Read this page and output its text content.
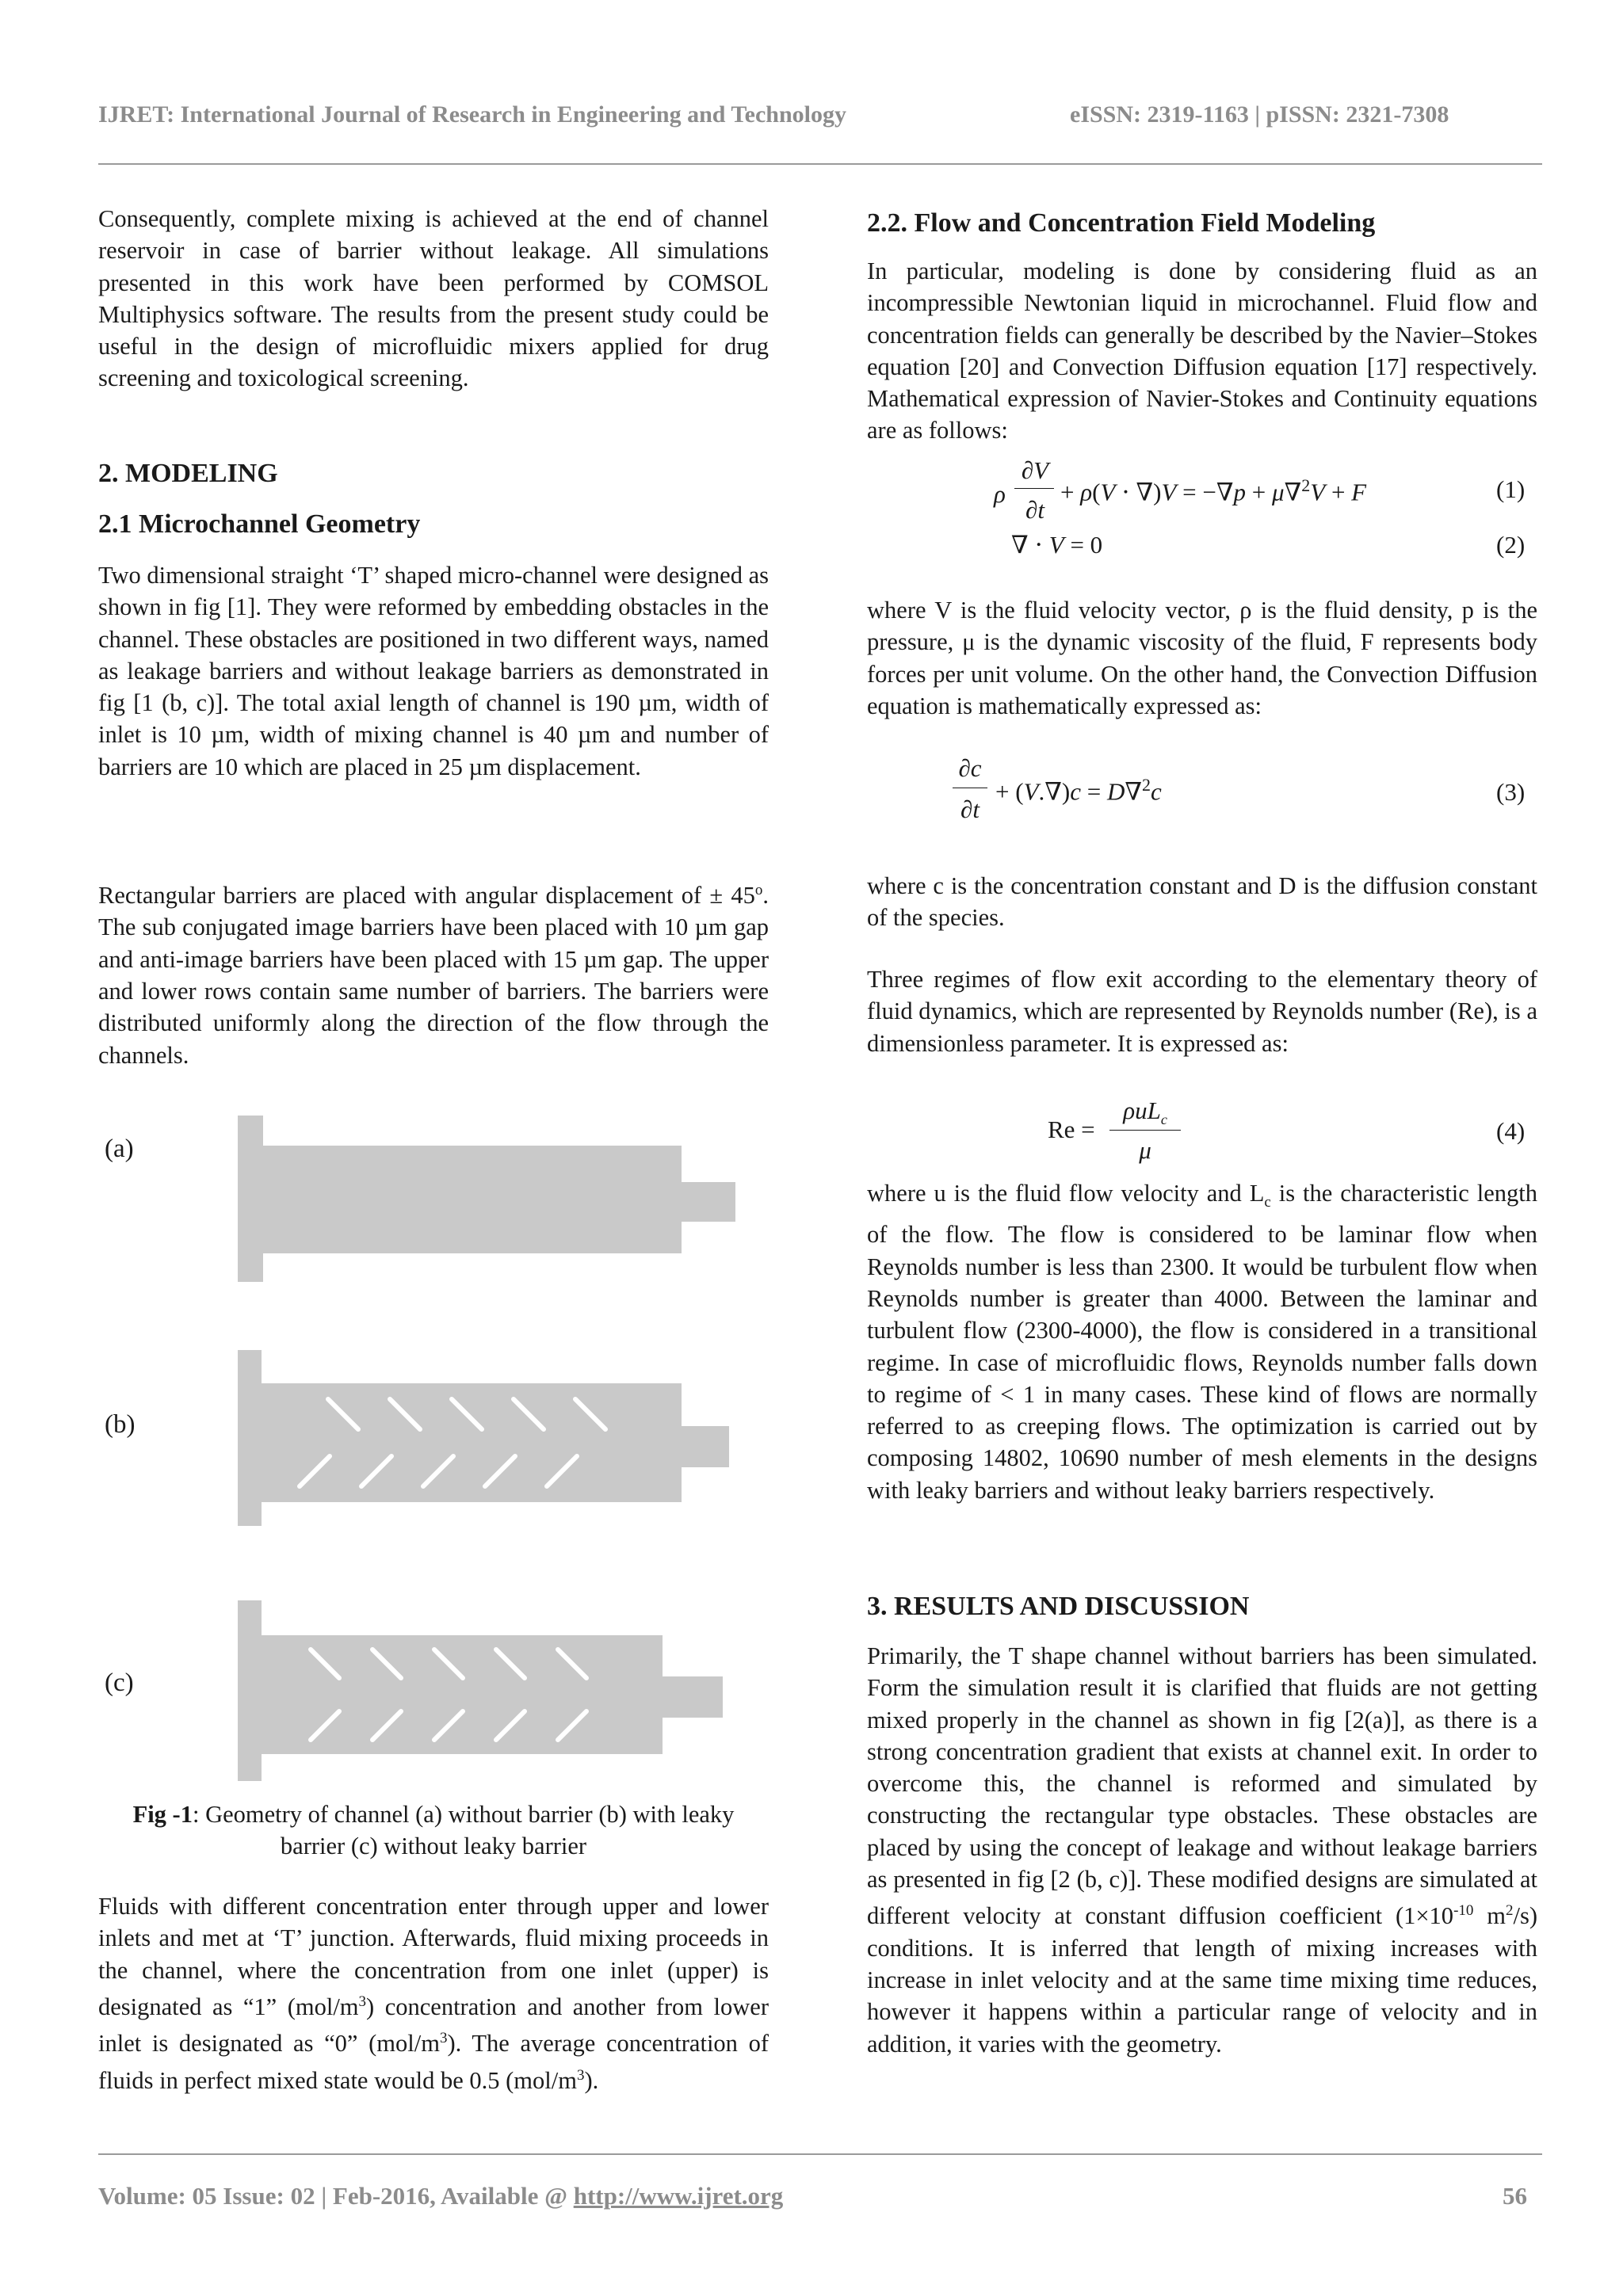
IJRET: International Journal of Research in Engineering and Technology	eISSN: 2319-1163 | pISSN: 2321-7308

Consequently, complete mixing is achieved at the end of channel reservoir in case of barrier without leakage. All simulations presented in this work have been performed by COMSOL Multiphysics software. The results from the present study could be useful in the design of microfluidic mixers applied for drug screening and toxicological screening.

2. MODELING
2.1 Microchannel Geometry

Two dimensional straight ‘T’ shaped micro-channel were designed as shown in fig [1]. They were reformed by embedding obstacles in the channel. These obstacles are positioned in two different ways, named as leakage barriers and without leakage barriers as demonstrated in fig [1 (b, c)]. The total axial length of channel is 190 µm, width of inlet is 10 µm, width of mixing channel is 40 µm and number of barriers are 10 which are placed in 25 µm displacement.

Rectangular barriers are placed with angular displacement of ± $45^o$. The sub conjugated image barriers have been placed with 10 µm gap and anti-image barriers have been placed with 15 µm gap. The upper and lower rows contain same number of barriers. The barriers were distributed uniformly along the direction of the flow through the channels.

(a)
(b)
(c)
Fig -1: Geometry of channel (a) without barrier (b) with leaky barrier (c) without leaky barrier

Fluids with different concentration enter through upper and lower inlets and met at ‘T’ junction. Afterwards, fluid mixing proceeds in the channel, where the concentration from one inlet (upper) is designated as “1” $(mol/m^3)$ concentration and another from lower inlet is designated as “0” $(mol/m^3)$. The average concentration of fluids in perfect mixed state would be 0.5 $(mol/m^3)$.

2.2. Flow and Concentration Field Modeling

In particular, modeling is done by considering fluid as an incompressible Newtonian liquid in microchannel. Fluid flow and concentration fields can generally be described by the Navier–Stokes equation [20] and Convection Diffusion equation [17] respectively. Mathematical expression of Navier-Stokes and Continuity equations are as follows:

ρ
∂V
∂t
+ ρ(V ⋅ ∇)V = −∇p + μ∇$^2$V + F	(1)
∇ ⋅ V = 0	(2)

where V is the fluid velocity vector, ρ is the fluid density, p is the pressure, μ is the dynamic viscosity of the fluid, F represents body forces per unit volume. On the other hand, the Convection Diffusion equation is mathematically expressed as:

∂c
∂t
+ (V.∇)c = D∇$^2$c	(3)

where c is the concentration constant and D is the diffusion constant of the species.

Three regimes of flow exit according to the elementary theory of fluid dynamics, which are represented by Reynolds number (Re), is a dimensionless parameter. It is expressed as:

Re =
ρuL$_c$
μ
(4)

where u is the fluid flow velocity and $L_c$ is the characteristic length of the flow. The flow is considered to be laminar flow when Reynolds number is less than 2300. It would be turbulent flow when Reynolds number is greater than 4000. Between the laminar and turbulent flow (2300-4000), the flow is considered in a transitional regime. In case of microfluidic flows, Reynolds number falls down to regime of < 1 in many cases. These kind of flows are normally referred to as creeping flows. The optimization is carried out by composing 14802, 10690 number of mesh elements in the designs with leaky barriers and without leaky barriers respectively.

3. RESULTS AND DISCUSSION

Primarily, the T shape channel without barriers has been simulated. Form the simulation result it is clarified that fluids are not getting mixed properly in the channel as shown in fig [2(a)], as there is a strong concentration gradient that exists at channel exit. In order to overcome this, the channel is reformed and simulated by constructing the rectangular type obstacles. These obstacles are placed by using the concept of leakage and without leakage barriers as presented in fig [2 (b, c)]. These modified designs are simulated at different velocity at constant diffusion coefficient ($1\times 10^{-10}$ $m^2/s$) conditions. It is inferred that length of mixing increases with increase in inlet velocity and at the same time mixing time reduces, however it happens within a particular range of velocity and in addition, it varies with the geometry.

Volume: 05 Issue: 02 | Feb-2016, Available @ http://www.ijret.org	56
